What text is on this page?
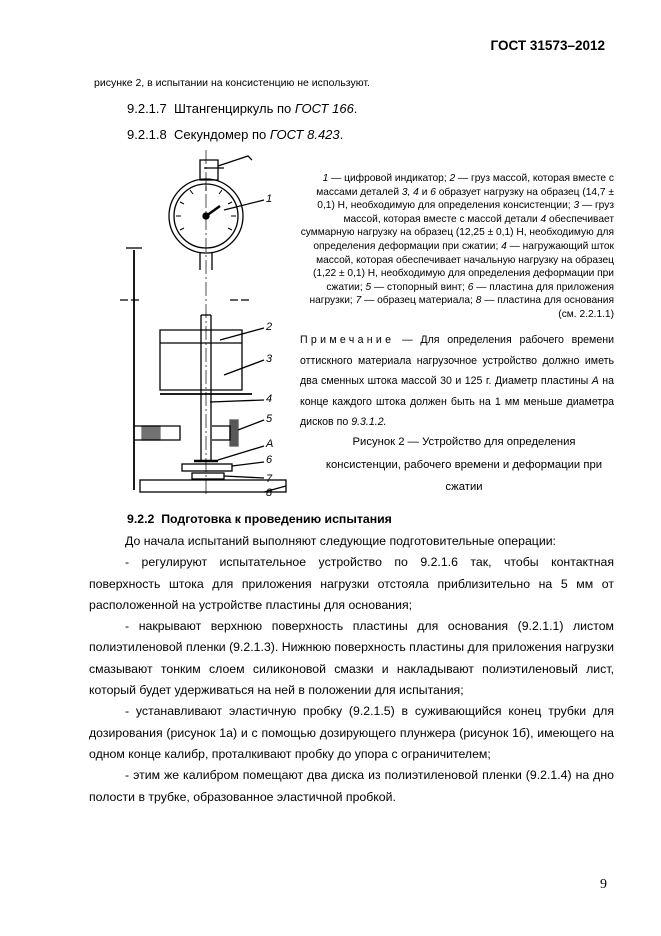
ГОСТ 31573–2012
рисунке 2, в испытании на консистенцию не используют.
9.2.1.7 Штангенциркуль по ГОСТ 166.
9.2.1.8 Секундомер по ГОСТ 8.423.
1
2
3
4
5
А
6
7
8
1 — цифровой индикатор; 2 — груз массой, которая вместе с массами деталей 3, 4 и 6 образует нагрузку на образец (14,7 ± 0,1) Н, необходимую для определения консистенции; 3 — груз массой, которая вместе с массой детали 4 обеспечивает суммарную нагрузку на образец (12,25 ± 0,1) Н, необходимую для определения деформации при сжатии; 4 — нагружающий шток массой, которая обеспечивает начальную нагрузку на образец (1,22 ± 0,1) Н, необходимую для определения деформации при сжатии; 5 — стопорный винт; 6 — пластина для приложения нагрузки; 7 — образец материала; 8 — пластина для основания (см. 2.2.1.1)
Примечание — Для определения рабочего времени оттискного материала нагрузочное устройство должно иметь два сменных штока массой 30 и 125 г. Диаметр пластины А на конце каждого штока должен быть на 1 мм меньше диаметра дисков по 9.3.1.2.
Рисунок 2 — Устройство для определения консистенции, рабочего времени и деформации при сжатии
9.2.2 Подготовка к проведению испытания

До начала испытаний выполняют следующие подготовительные операции:

- регулируют испытательное устройство по 9.2.1.6 так, чтобы контактная поверхность штока для приложения нагрузки отстояла приблизительно на 5 мм от расположенной на устройстве пластины для основания;

- накрывают верхнюю поверхность пластины для основания (9.2.1.1) листом полиэтиленовой пленки (9.2.1.3). Нижнюю поверхность пластины для приложения нагрузки смазывают тонким слоем силиконовой смазки и накладывают полиэтиленовый лист, который будет удерживаться на ней в положении для испытания;

- устанавливают эластичную пробку (9.2.1.5) в суживающийся конец трубки для дозирования (рисунок 1а) и с помощью дозирующего плунжера (рисунок 1б), имеющего на одном конце калибр, проталкивают пробку до упора с ограничителем;

- этим же калибром помещают два диска из полиэтиленовой пленки (9.2.1.4) на дно полости в трубке, образованное эластичной пробкой.

9
